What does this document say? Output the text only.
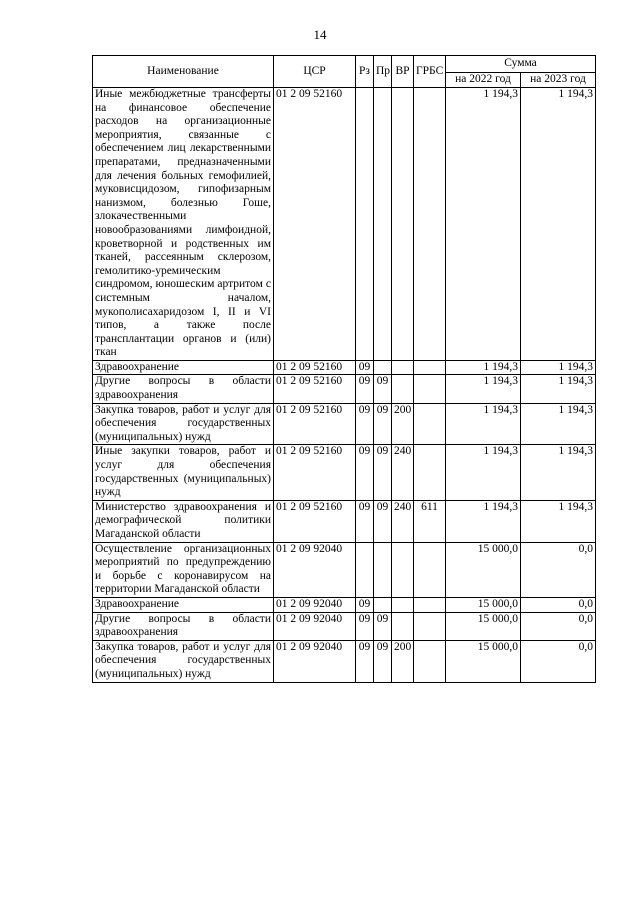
14
Наименование	ЦСР	Рз	Пр	ВР	ГРБС	Сумма	
						на 2022 год	на 2023 год
Иные межбюджетные трансферты на финансовое обеспечение расходов на организационные мероприятия, связанные с обеспечением лиц лекарственными препаратами, предназначенными для лечения больных гемофилией, муковисцидозом, гипофизарным нанизмом, болезнью Гоше, злокачественными новообразованиями лимфоидной, кроветворной и родственных им тканей, рассеянным склерозом, гемолитико-уремическим синдромом, юношеским артритом с системным началом, мукополисахаридозом I, II и VI типов, а также после трансплантации органов и (или) ткан	01 2 09 52160					1 194,3	1 194,3
Здравоохранение	01 2 09 52160	09				1 194,3	1 194,3
Другие вопросы в области здравоохранения	01 2 09 52160	09	09			1 194,3	1 194,3
Закупка товаров, работ и услуг для обеспечения государственных (муниципальных) нужд	01 2 09 52160	09	09	200		1 194,3	1 194,3
Иные закупки товаров, работ и услуг для обеспечения государственных (муниципальных) нужд	01 2 09 52160	09	09	240		1 194,3	1 194,3
Министерство здравоохранения и демографической политики Магаданской области	01 2 09 52160	09	09	240	611	1 194,3	1 194,3
Осуществление организационных мероприятий по предупреждению и борьбе с коронавирусом на территории Магаданской области	01 2 09 92040					15 000,0	0,0
Здравоохранение	01 2 09 92040	09				15 000,0	0,0
Другие вопросы в области здравоохранения	01 2 09 92040	09	09			15 000,0	0,0
Закупка товаров, работ и услуг для обеспечения государственных (муниципальных) нужд	01 2 09 92040	09	09	200		15 000,0	0,0
